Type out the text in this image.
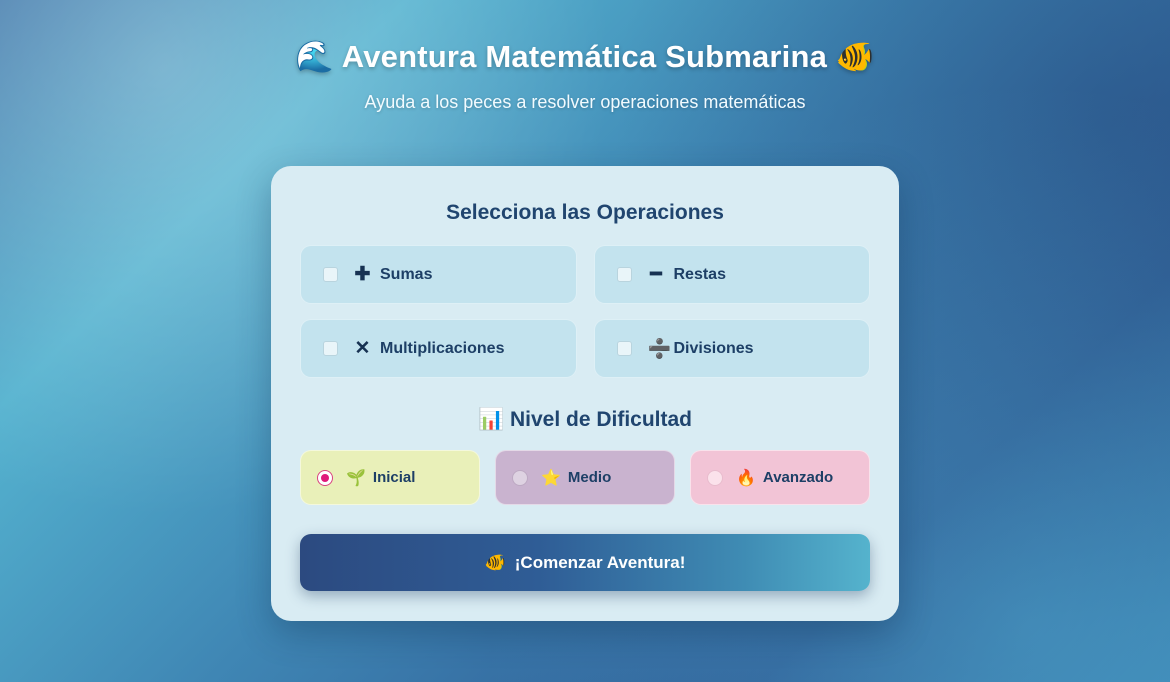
🌊 Aventura Matemática Submarina 🐠

Ayuda a los peces a resolver operaciones matemáticas

Selecciona las Operaciones
✚ Sumas	━ Restas
✕ Multiplicaciones	➗ Divisiones
📊 Nivel de Dificultad
🌱 Inicial	⭐ Medio	🔥 Avanzado
🐠 ¡Comenzar Aventura!
